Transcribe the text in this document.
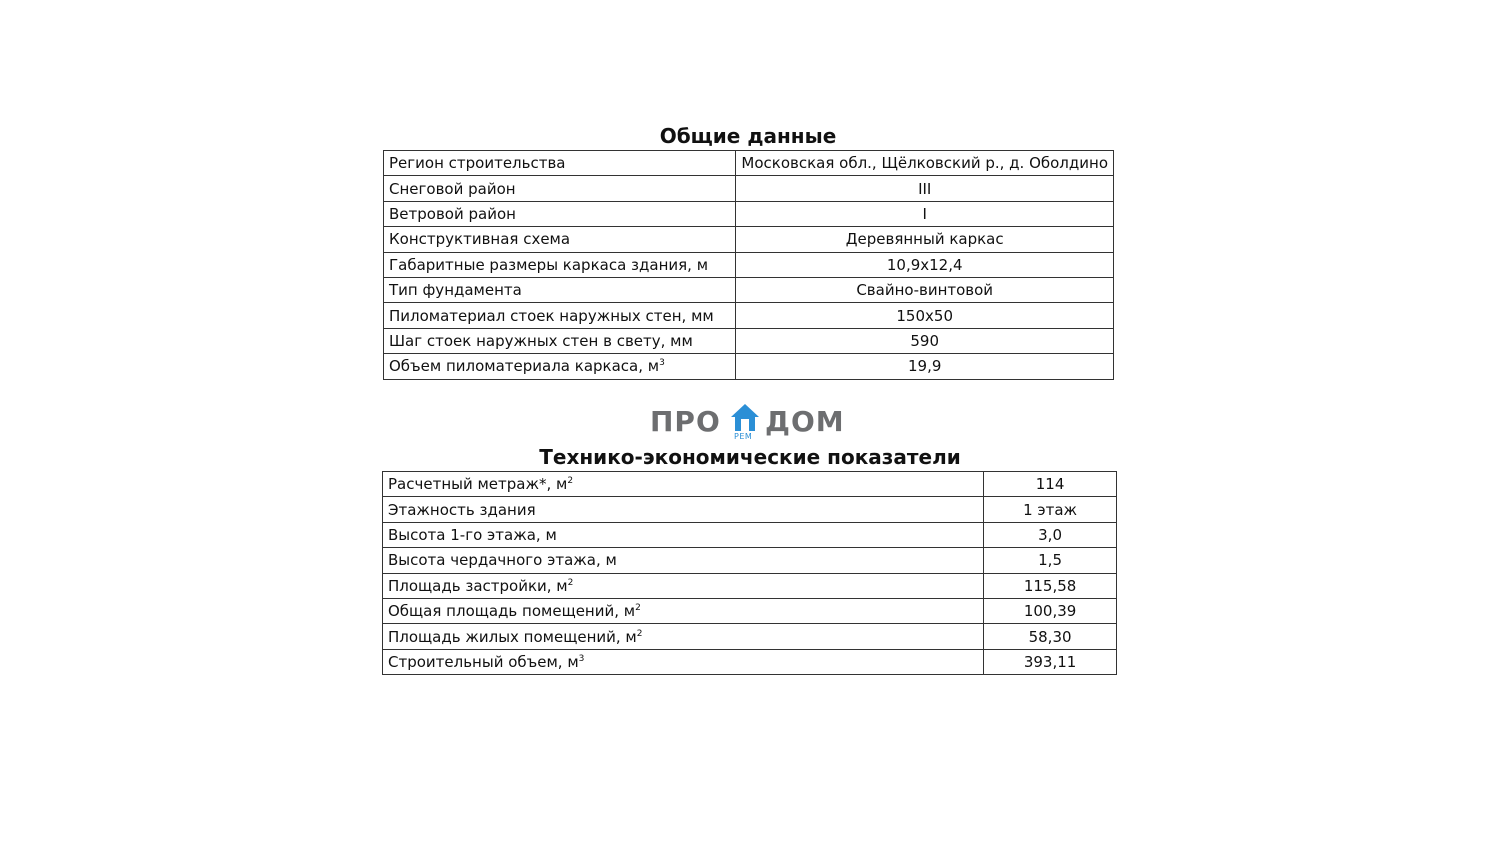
Общие данные
Регион строительства	Московская обл., Щёлковский р., д. Оболдино
Снеговой район	III
Ветровой район	I
Конструктивная схема	Деревянный каркас
Габаритные размеры каркаса здания, м	10,9x12,4
Тип фундамента	Свайно-винтовой
Пиломатериал стоек наружных стен, мм	150x50
Шаг стоек наружных стен в свету, мм	590
Объем пиломатериала каркаса, $м^3$	19,9
ПРО РЕМ ДОМ
Технико-экономические показатели
Расчетный метраж*, $м^2$	114
Этажность здания	1 этаж
Высота 1-го этажа, м	3,0
Высота чердачного этажа, м	1,5
Площадь застройки, $м^2$	115,58
Общая площадь помещений, $м^2$	100,39
Площадь жилых помещений, $м^2$	58,30
Строительный объем, $м^3$	393,11
